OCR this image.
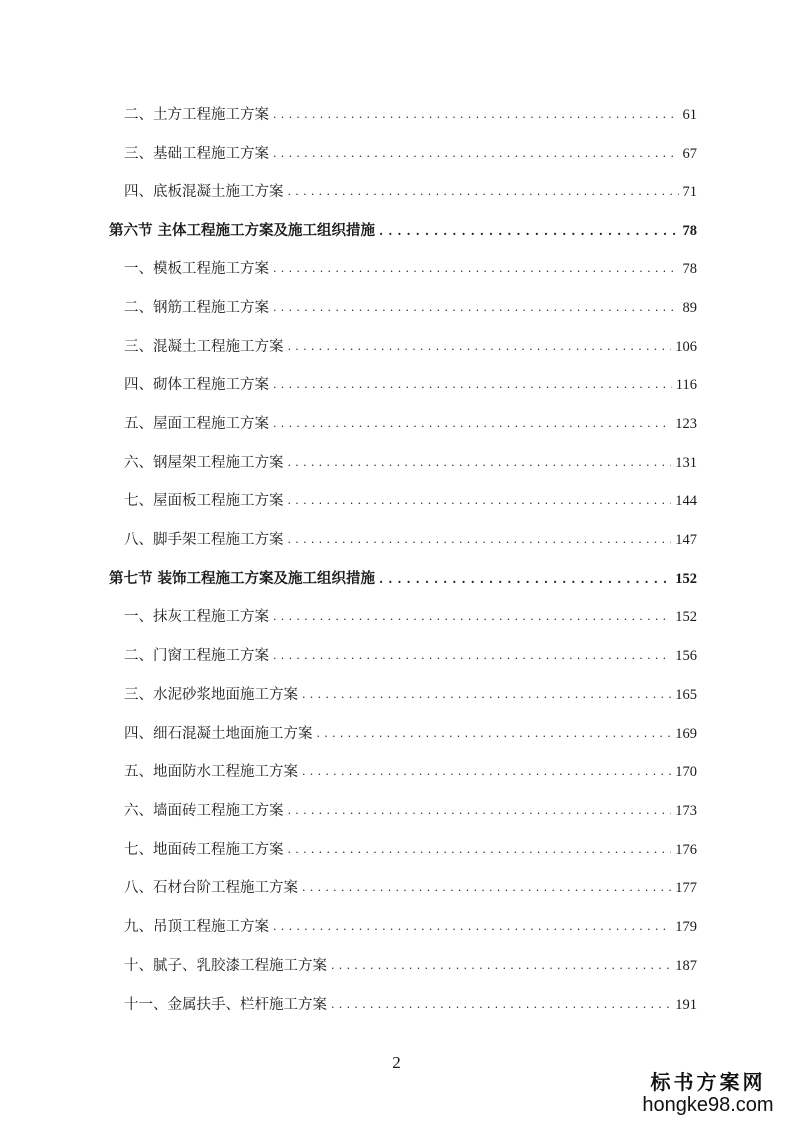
二、土方工程施工方案 . . .	61
三、基础工程施工方案 . . .	67
四、底板混凝土施工方案 . . .	71
第六节 主体工程施工方案及施工组织措施 . . .	78
一、模板工程施工方案 . . .	78
二、钢筋工程施工方案 . . .	89
三、混凝土工程施工方案 . . .	106
四、砌体工程施工方案 . . .	116
五、屋面工程施工方案 . . .	123
六、钢屋架工程施工方案 . . .	131
七、屋面板工程施工方案 . . .	144
八、脚手架工程施工方案 . . .	147
第七节 装饰工程施工方案及施工组织措施 . . .	152
一、抹灰工程施工方案 . . .	152
二、门窗工程施工方案 . . .	156
三、水泥砂浆地面施工方案 . . .	165
四、细石混凝土地面施工方案 . . .	169
五、地面防水工程施工方案 . . .	170
六、墙面砖工程施工方案 . . .	173
七、地面砖工程施工方案 . . .	176
八、石材台阶工程施工方案 . . .	177
九、吊顶工程施工方案 . . .	179
十、腻子、乳胶漆工程施工方案 . . .	187
十一、金属扶手、栏杆施工方案 . . .	191
2
标书方案网
hongke98.com
